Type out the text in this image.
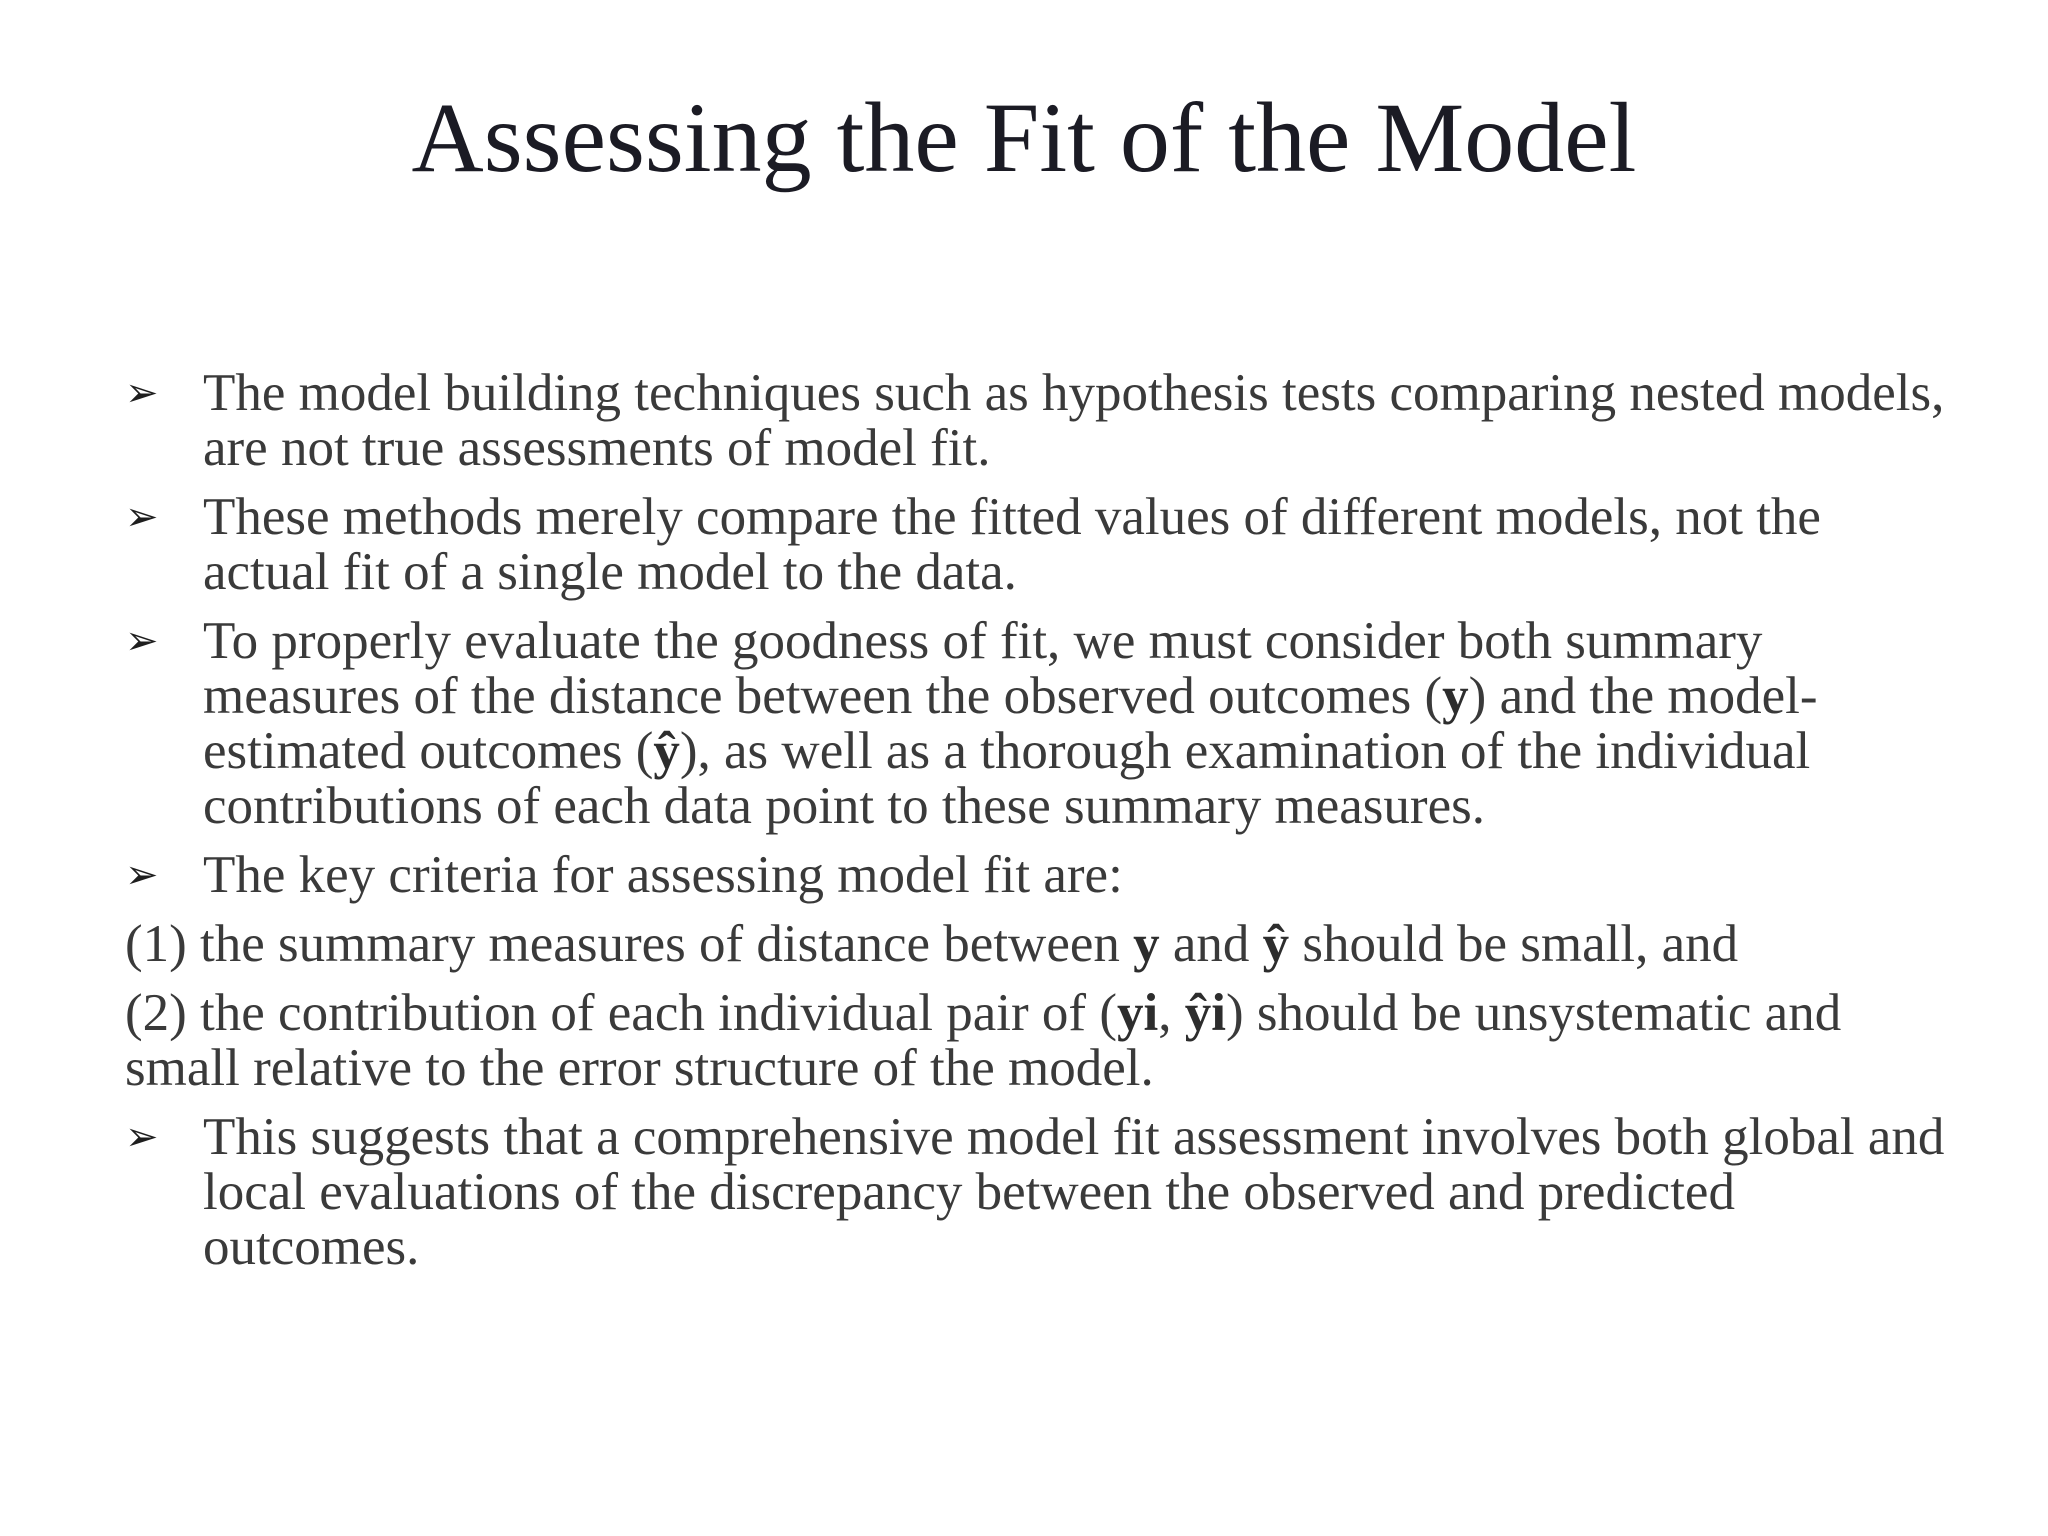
Assessing the Fit of the Model

➢ The model building techniques such as hypothesis tests comparing nested models, are not true assessments of model fit.

➢ These methods merely compare the fitted values of different models, not the actual fit of a single model to the data.

➢ To properly evaluate the goodness of fit, we must consider both summary measures of the distance between the observed outcomes (y) and the model-estimated outcomes (ŷ), as well as a thorough examination of the individual contributions of each data point to these summary measures.

➢ The key criteria for assessing model fit are:

(1) the summary measures of distance between y and ŷ should be small, and

(2) the contribution of each individual pair of (yi, ŷi) should be unsystematic and small relative to the error structure of the model.

➢ This suggests that a comprehensive model fit assessment involves both global and local evaluations of the discrepancy between the observed and predicted outcomes.
